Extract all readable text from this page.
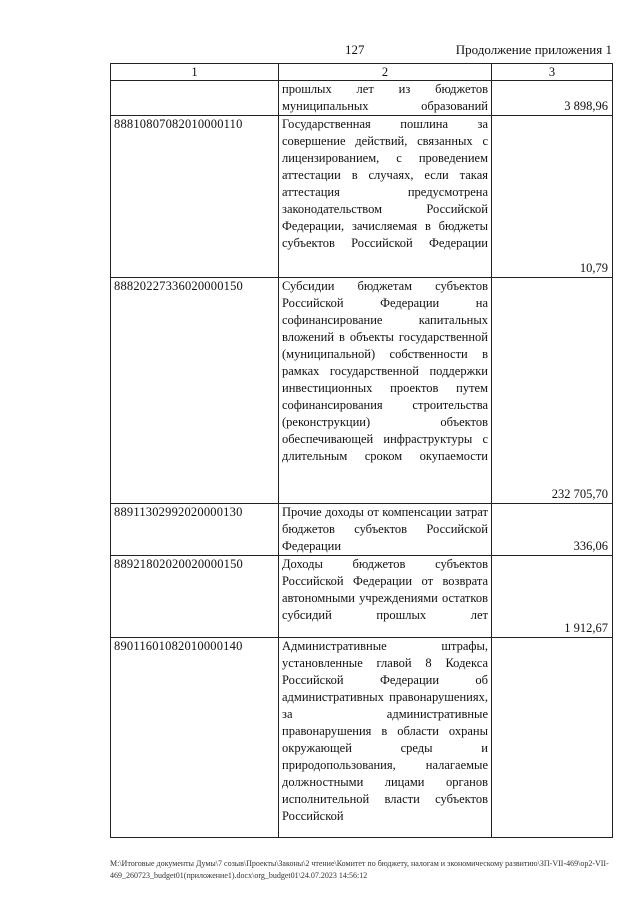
127	Продолжение приложения 1
1	2	3
	прошлых лет из бюджетов муниципальных образований	3 898,96
88810807082010000110	Государственная пошлина за совершение действий, связанных с лицензированием, с проведением аттестации в случаях, если такая аттестация предусмотрена законодательством Российской Федерации, зачисляемая в бюджеты субъектов Российской Федерации	10,79
88820227336020000150	Субсидии бюджетам субъектов Российской Федерации на софинансирование капитальных вложений в объекты государственной (муниципальной) собственности в рамках государственной поддержки инвестиционных проектов путем софинансирования строительства (реконструкции) объектов обеспечивающей инфраструктуры с длительным сроком окупаемости	232 705,70
88911302992020000130	Прочие доходы от компенсации затрат бюджетов субъектов Российской Федерации	336,06
88921802020020000150	Доходы бюджетов субъектов Российской Федерации от возврата автономными учреждениями остатков субсидий прошлых лет	1 912,67
89011601082010000140	Административные штрафы, установленные главой 8 Кодекса Российской Федерации об административных правонарушениях, за административные правонарушения в области охраны окружающей среды и природопользования, налагаемые должностными лицами органов исполнительной власти субъектов Российской	
M:\Итоговые документы Думы\7 созыв\Проекты\Законы\2 чтение\Комитет по бюджету, налогам и экономическому развитию\ЗП-VII-469\ор2-VII-469_260723_budget01(приложение1).docx\org_budget01\24.07.2023 14:56:12
